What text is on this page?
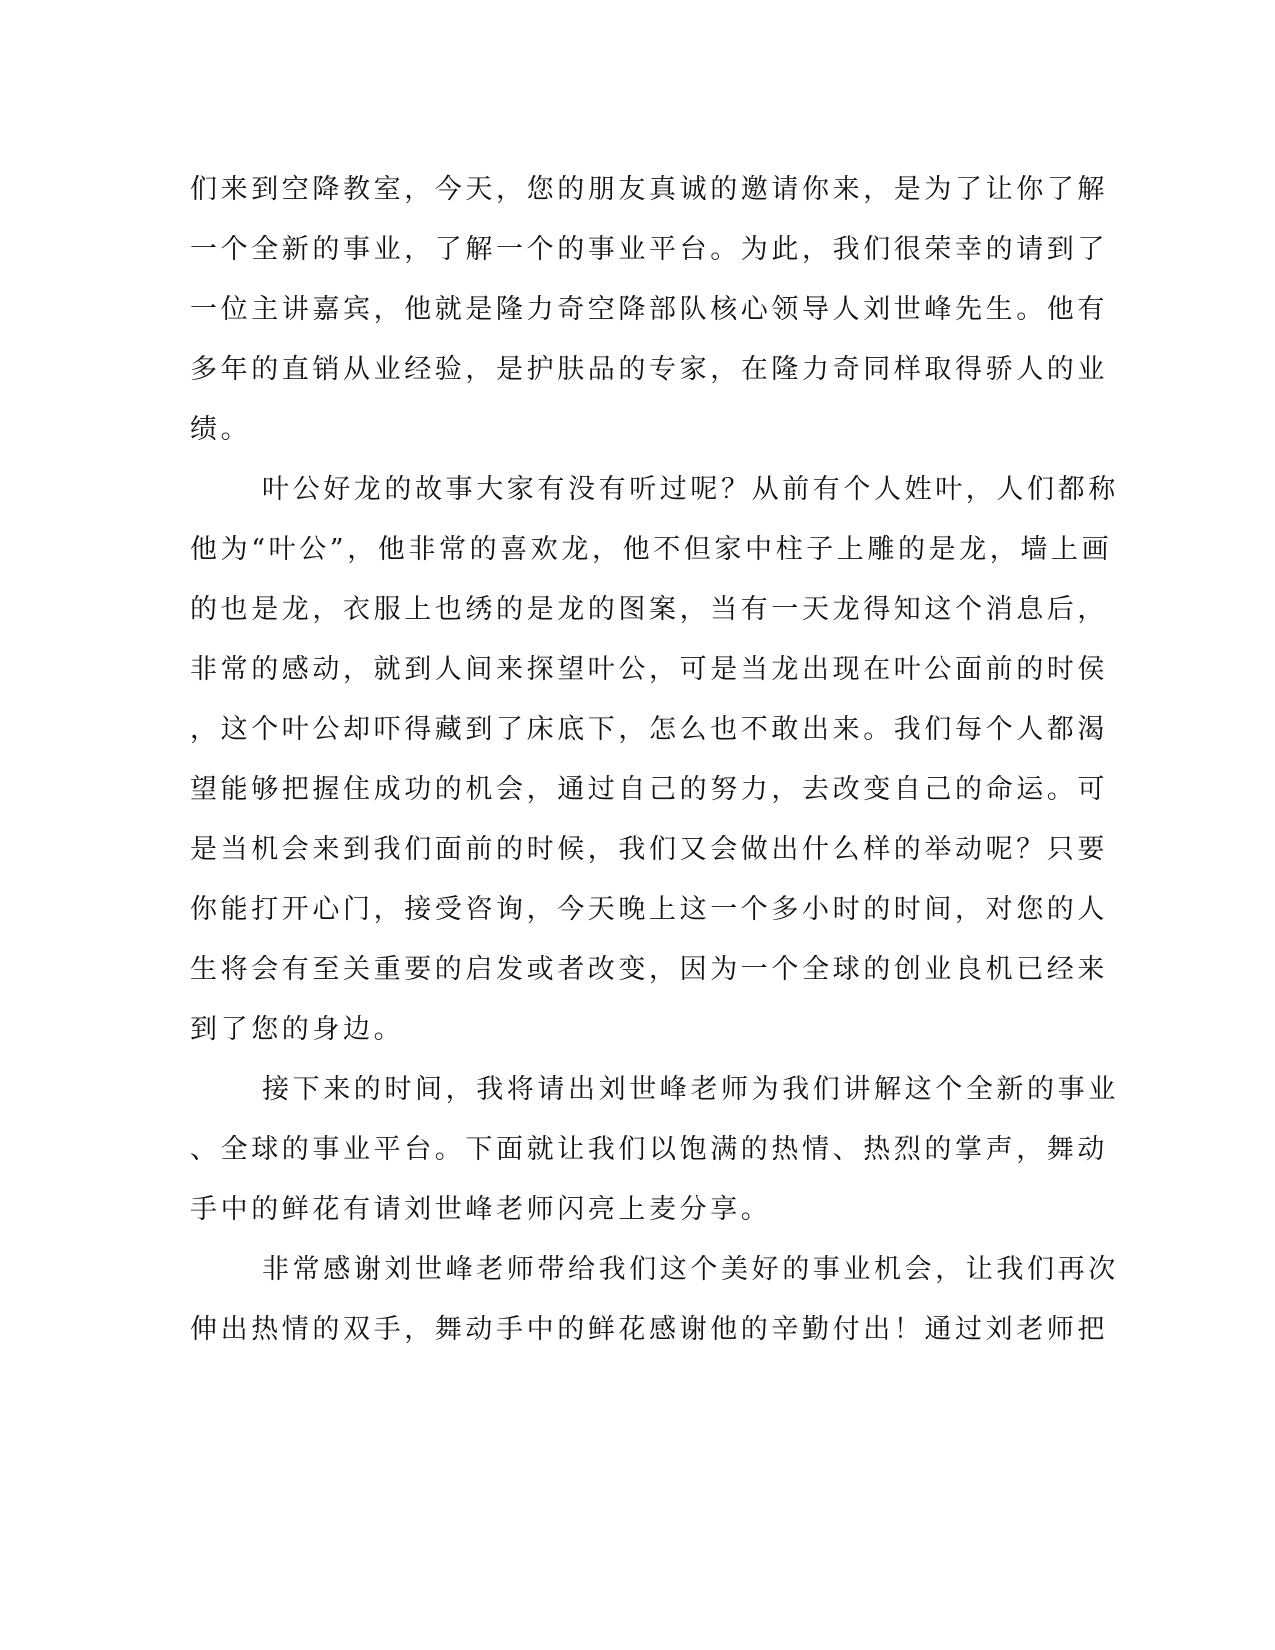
们来到空降教室，今天，您的朋友真诚的邀请你来，是为了让你了解
一个全新的事业，了解一个的事业平台。为此，我们很荣幸的请到了
一位主讲嘉宾，他就是隆力奇空降部队核心领导人刘世峰先生。他有
多年的直销从业经验，是护肤品的专家，在隆力奇同样取得骄人的业
绩。
叶公好龙的故事大家有没有听过呢？从前有个人姓叶，人们都称
他为“叶公”，他非常的喜欢龙，他不但家中柱子上雕的是龙，墙上画
的也是龙，衣服上也绣的是龙的图案，当有一天龙得知这个消息后，
非常的感动，就到人间来探望叶公，可是当龙出现在叶公面前的时侯
，这个叶公却吓得藏到了床底下，怎么也不敢出来。我们每个人都渴
望能够把握住成功的机会，通过自己的努力，去改变自己的命运。可
是当机会来到我们面前的时候，我们又会做出什么样的举动呢？只要
你能打开心门，接受咨询，今天晚上这一个多小时的时间，对您的人
生将会有至关重要的启发或者改变，因为一个全球的创业良机已经来
到了您的身边。
接下来的时间，我将请出刘世峰老师为我们讲解这个全新的事业
、全球的事业平台。下面就让我们以饱满的热情、热烈的掌声，舞动
手中的鲜花有请刘世峰老师闪亮上麦分享。
非常感谢刘世峰老师带给我们这个美好的事业机会，让我们再次
伸出热情的双手，舞动手中的鲜花感谢他的辛勤付出！通过刘老师把
